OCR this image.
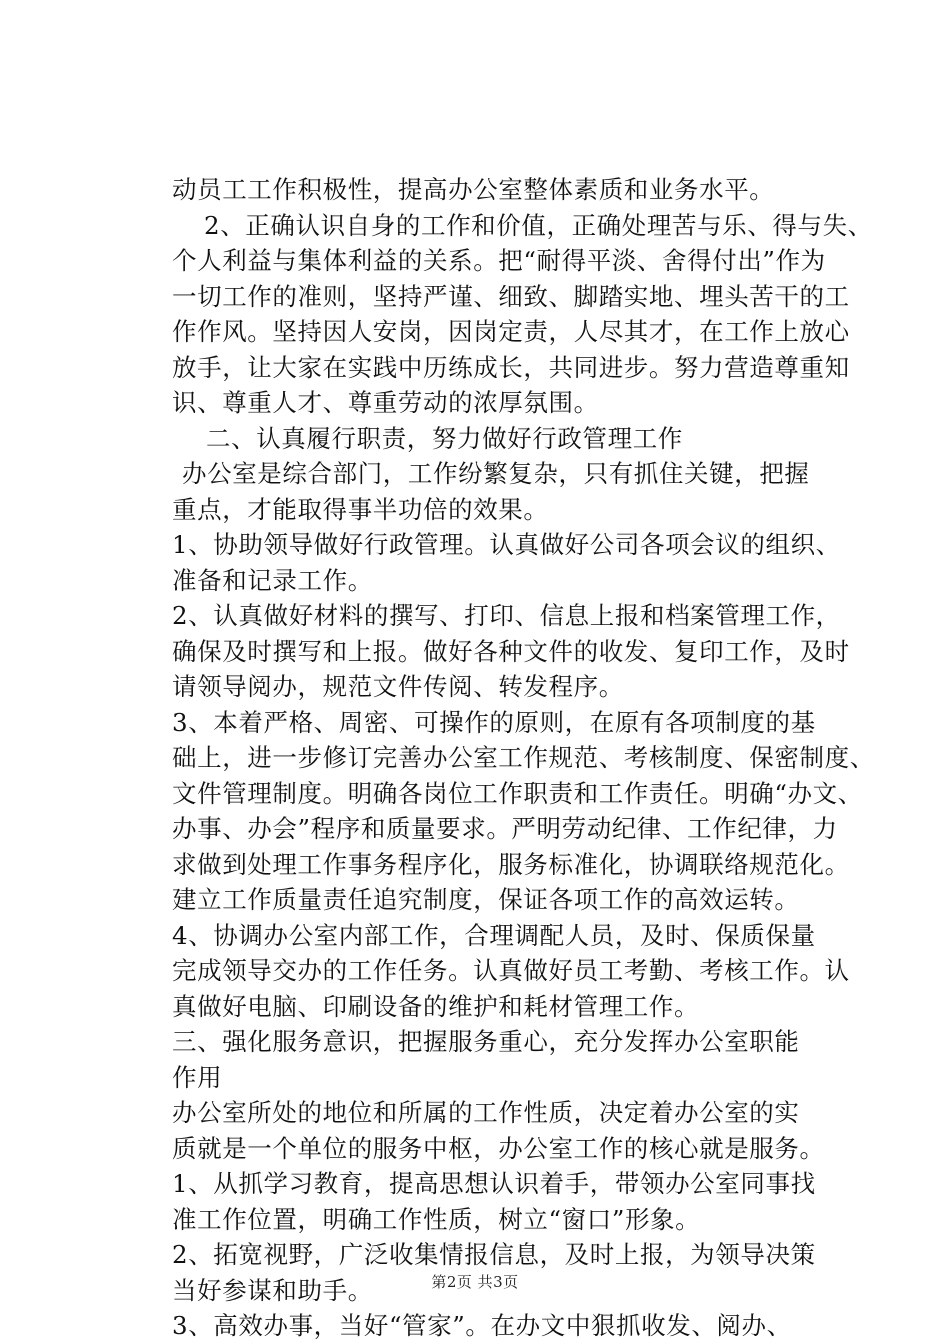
动员工工作积极性，提高办公室整体素质和业务水平。
2、正确认识自身的工作和价值，正确处理苦与乐、得与失、
个人利益与集体利益的关系。把“耐得平淡、舍得付出”作为
一切工作的准则，坚持严谨、细致、脚踏实地、埋头苦干的工
作作风。坚持因人安岗，因岗定责，人尽其才，在工作上放心
放手，让大家在实践中历练成长，共同进步。努力营造尊重知
识、尊重人才、尊重劳动的浓厚氛围。
二、认真履行职责，努力做好行政管理工作
办公室是综合部门，工作纷繁复杂，只有抓住关键，把握
重点，才能取得事半功倍的效果。
1、协助领导做好行政管理。认真做好公司各项会议的组织、
准备和记录工作。
2、认真做好材料的撰写、打印、信息上报和档案管理工作，
确保及时撰写和上报。做好各种文件的收发、复印工作，及时
请领导阅办，规范文件传阅、转发程序。
3、本着严格、周密、可操作的原则，在原有各项制度的基
础上，进一步修订完善办公室工作规范、考核制度、保密制度、
文件管理制度。明确各岗位工作职责和工作责任。明确“办文、
办事、办会”程序和质量要求。严明劳动纪律、工作纪律，力
求做到处理工作事务程序化，服务标准化，协调联络规范化。
建立工作质量责任追究制度，保证各项工作的高效运转。
4、协调办公室内部工作，合理调配人员，及时、保质保量
完成领导交办的工作任务。认真做好员工考勤、考核工作。认
真做好电脑、印刷设备的维护和耗材管理工作。
三、强化服务意识，把握服务重心，充分发挥办公室职能
作用
办公室所处的地位和所属的工作性质，决定着办公室的实
质就是一个单位的服务中枢，办公室工作的核心就是服务。
1、从抓学习教育，提高思想认识着手，带领办公室同事找
准工作位置，明确工作性质，树立“窗口”形象。
2、拓宽视野，广泛收集情报信息，及时上报，为领导决策
当好参谋和助手。
3、高效办事，当好“管家”。在办文中狠抓收发、阅办、
第2页 共3页
